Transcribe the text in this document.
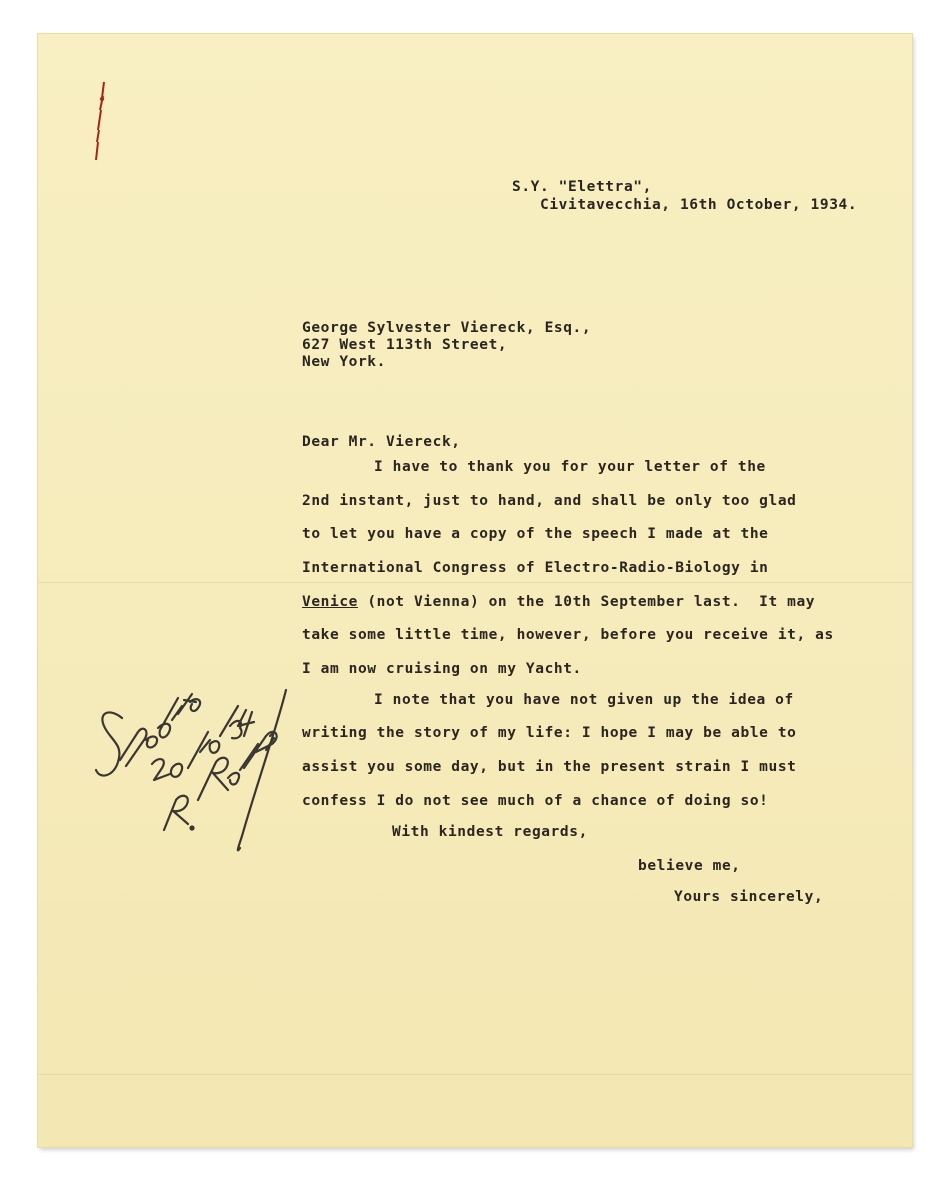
S.Y. "Elettra",
Civitavecchia, 16th October, 1934.
George Sylvester Viereck, Esq.,
627 West 113th Street,
New York.
Dear Mr. Viereck,
I have to thank you for your letter of the
2nd instant, just to hand, and shall be only too glad
to let you have a copy of the speech I made at the
International Congress of Electro-Radio-Biology in
Venice (not Vienna) on the 10th September last.  It may
take some little time, however, before you receive it, as
I am now cruising on my Yacht.
I note that you have not given up the idea of
writing the story of my life: I hope I may be able to
assist you some day, but in the present strain I must
confess I do not see much of a chance of doing so!
With kindest regards,
believe me,
Yours sincerely,
